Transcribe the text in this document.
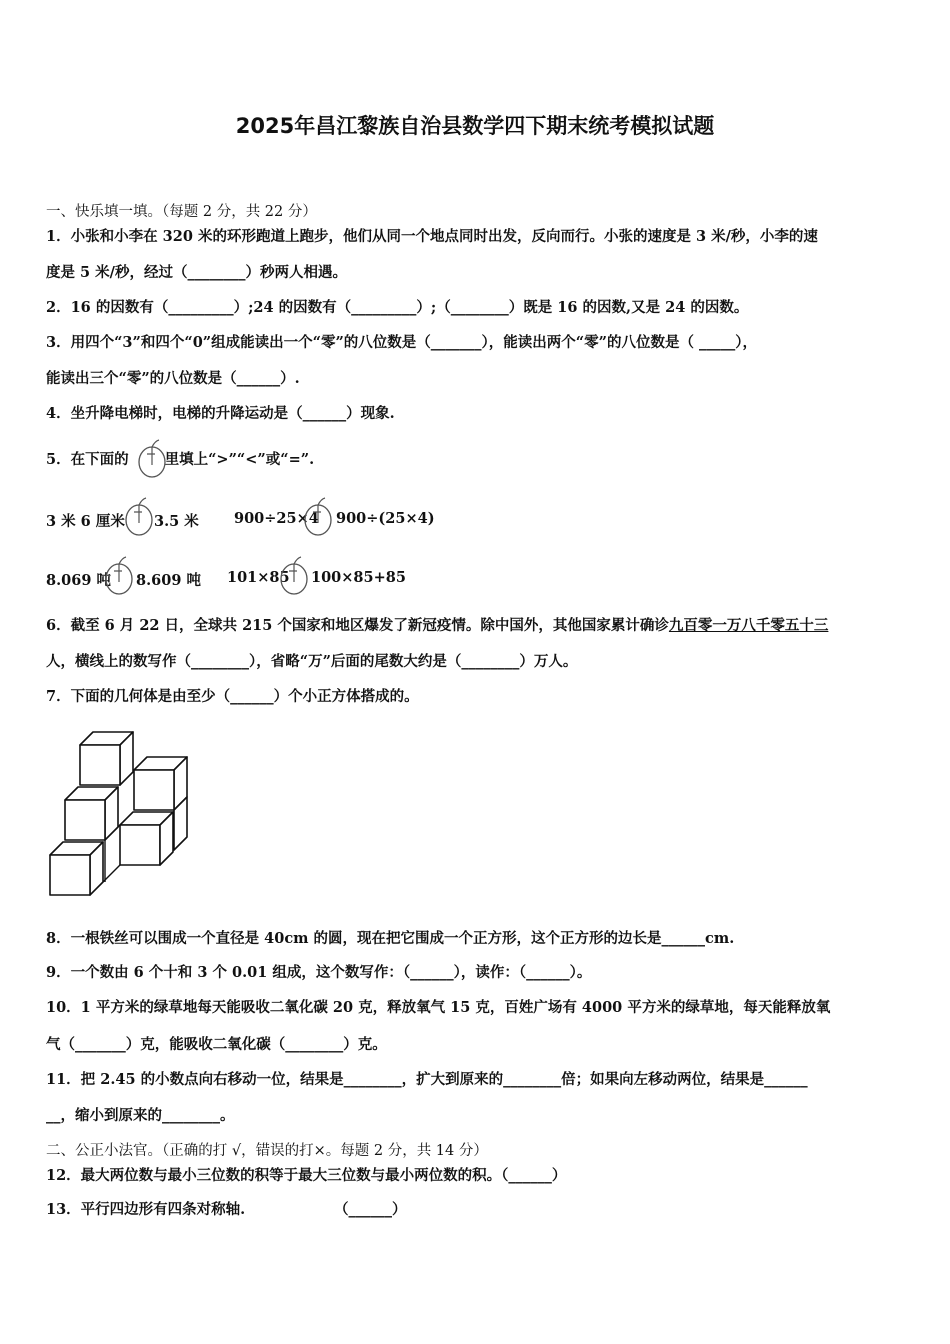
2025年昌江黎族自治县数学四下期末统考模拟试题
一、快乐填一填。（每题 2 分，共 22 分）
1．小张和小李在 320 米的环形跑道上跑步，他们从同一个地点同时出发，反向而行。小张的速度是 3 米/秒，小李的速
度是 5 米/秒，经过（________）秒两人相遇。
2．16 的因数有（_________）;24 的因数有（_________）;（________）既是 16 的因数,又是 24 的因数。
3．用四个“3”和四个“0”组成能读出一个“零”的八位数是（_______），能读出两个“零”的八位数是（ _____），
能读出三个“零”的八位数是（______）.
4．坐升降电梯时，电梯的升降运动是（______）现象.
5．在下面的 里填上“>”“<”或“=”.
3 米 6 厘米 3.5 米 900÷25×4 900÷(25×4)
8.069 吨 8.609 吨 101×85 100×85+85
6．截至 6 月 22 日，全球共 215 个国家和地区爆发了新冠疫情。除中国外，其他国家累计确诊九百零一万八千零五十三
人，横线上的数写作（________），省略“万”后面的尾数大约是（________）万人。
7．下面的几何体是由至少（______）个小正方体搭成的。
8．一根铁丝可以围成一个直径是 40cm 的圆，现在把它围成一个正方形，这个正方形的边长是______cm.
9．一个数由 6 个十和 3 个 0.01 组成，这个数写作：（______），读作：（______）。
10．1 平方米的绿草地每天能吸收二氧化碳 20 克，释放氧气 15 克，百姓广场有 4000 平方米的绿草地，每天能释放氧
气（_______）克，能吸收二氧化碳（________）克。
11．把 2.45 的小数点向右移动一位，结果是________，扩大到原来的________倍；如果向左移动两位，结果是______
__，缩小到原来的________。
二、公正小法官。（正确的打 √，错误的打×。每题 2 分，共 14 分）
12．最大两位数与最小三位数的积等于最大三位数与最小两位数的积。（______）
13．平行四边形有四条对称轴.	（______）
